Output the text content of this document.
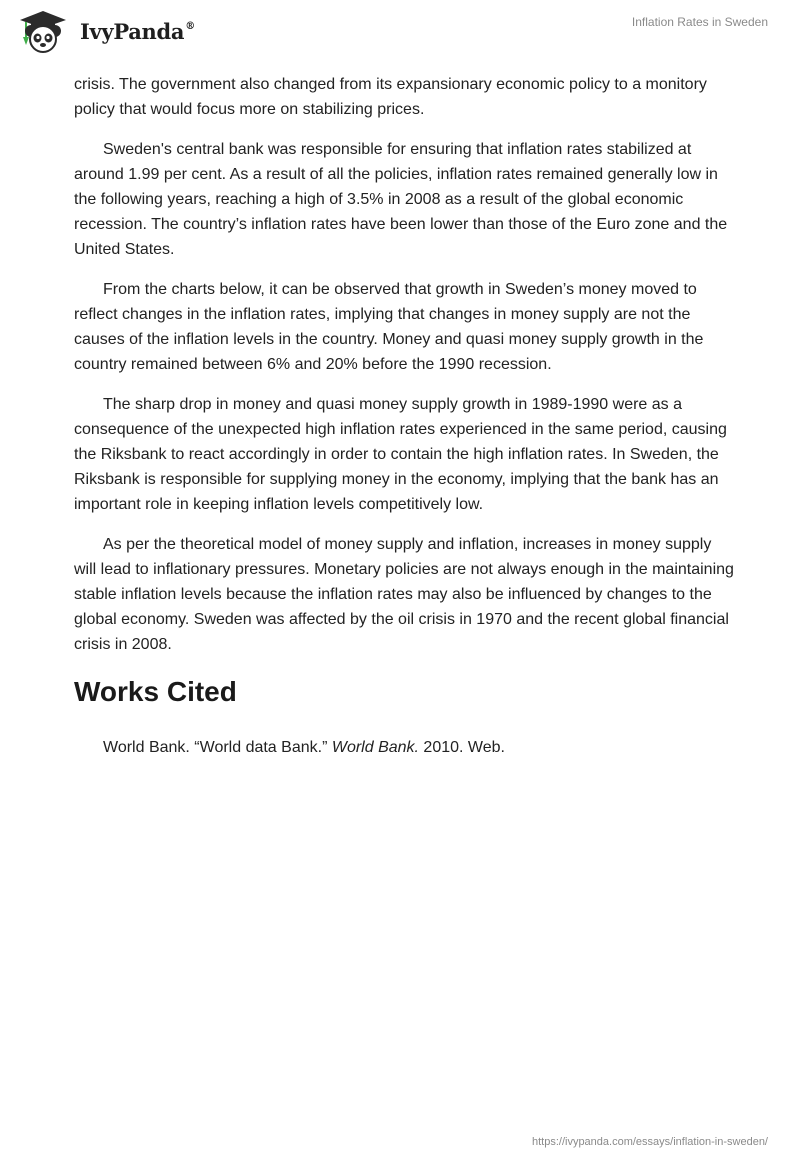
IvyPanda®	Inflation Rates in Sweden

crisis. The government also changed from its expansionary economic policy to a monitory policy that would focus more on stabilizing prices.

Sweden's central bank was responsible for ensuring that inflation rates stabilized at around 1.99 per cent. As a result of all the policies, inflation rates remained generally low in the following years, reaching a high of 3.5% in 2008 as a result of the global economic recession. The country’s inflation rates have been lower than those of the Euro zone and the United States.

From the charts below, it can be observed that growth in Sweden’s money moved to reflect changes in the inflation rates, implying that changes in money supply are not the causes of the inflation levels in the country. Money and quasi money supply growth in the country remained between 6% and 20% before the 1990 recession.

The sharp drop in money and quasi money supply growth in 1989-1990 were as a consequence of the unexpected high inflation rates experienced in the same period, causing the Riksbank to react accordingly in order to contain the high inflation rates. In Sweden, the Riksbank is responsible for supplying money in the economy, implying that the bank has an important role in keeping inflation levels competitively low.

As per the theoretical model of money supply and inflation, increases in money supply will lead to inflationary pressures. Monetary policies are not always enough in the maintaining stable inflation levels because the inflation rates may also be influenced by changes to the global economy. Sweden was affected by the oil crisis in 1970 and the recent global financial crisis in 2008.

Works Cited

World Bank. “World data Bank.” World Bank. 2010. Web.

https://ivypanda.com/essays/inflation-in-sweden/
